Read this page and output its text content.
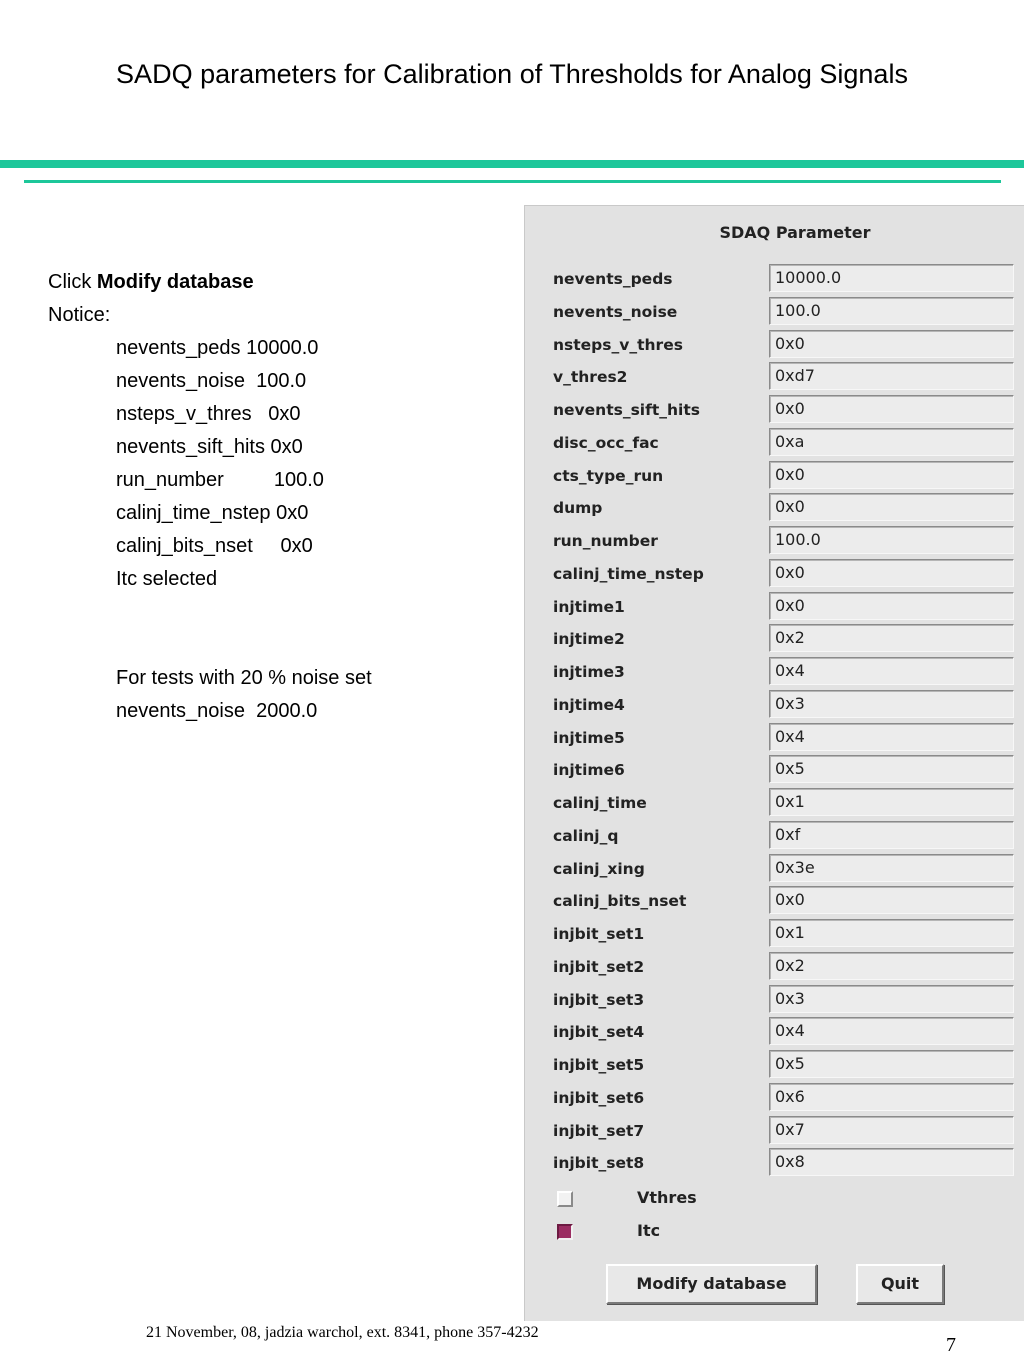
SADQ parameters for Calibration of Thresholds for Analog Signals
Click Modify database
Notice:
nevents_peds 10000.0
nevents_noise  100.0
nsteps_v_thres   0x0
nevents_sift_hits 0x0
run_number         100.0
calinj_time_nstep 0x0
calinj_bits_nset     0x0
Itc selected
For tests with 20 % noise set
nevents_noise  2000.0
SDAQ Parameter
nevents_peds	10000.0
nevents_noise	100.0
nsteps_v_thres	0x0
v_thres2	0xd7
nevents_sift_hits	0x0
disc_occ_fac	0xa
cts_type_run	0x0
dump	0x0
run_number	100.0
calinj_time_nstep	0x0
injtime1	0x0
injtime2	0x2
injtime3	0x4
injtime4	0x3
injtime5	0x4
injtime6	0x5
calinj_time	0x1
calinj_q	0xf
calinj_xing	0x3e
calinj_bits_nset	0x0
injbit_set1	0x1
injbit_set2	0x2
injbit_set3	0x3
injbit_set4	0x4
injbit_set5	0x5
injbit_set6	0x6
injbit_set7	0x7
injbit_set8	0x8
Vthres
Itc
Modify database	Quit
21 November, 08, jadzia warchol, ext. 8341, phone 357-4232
7
